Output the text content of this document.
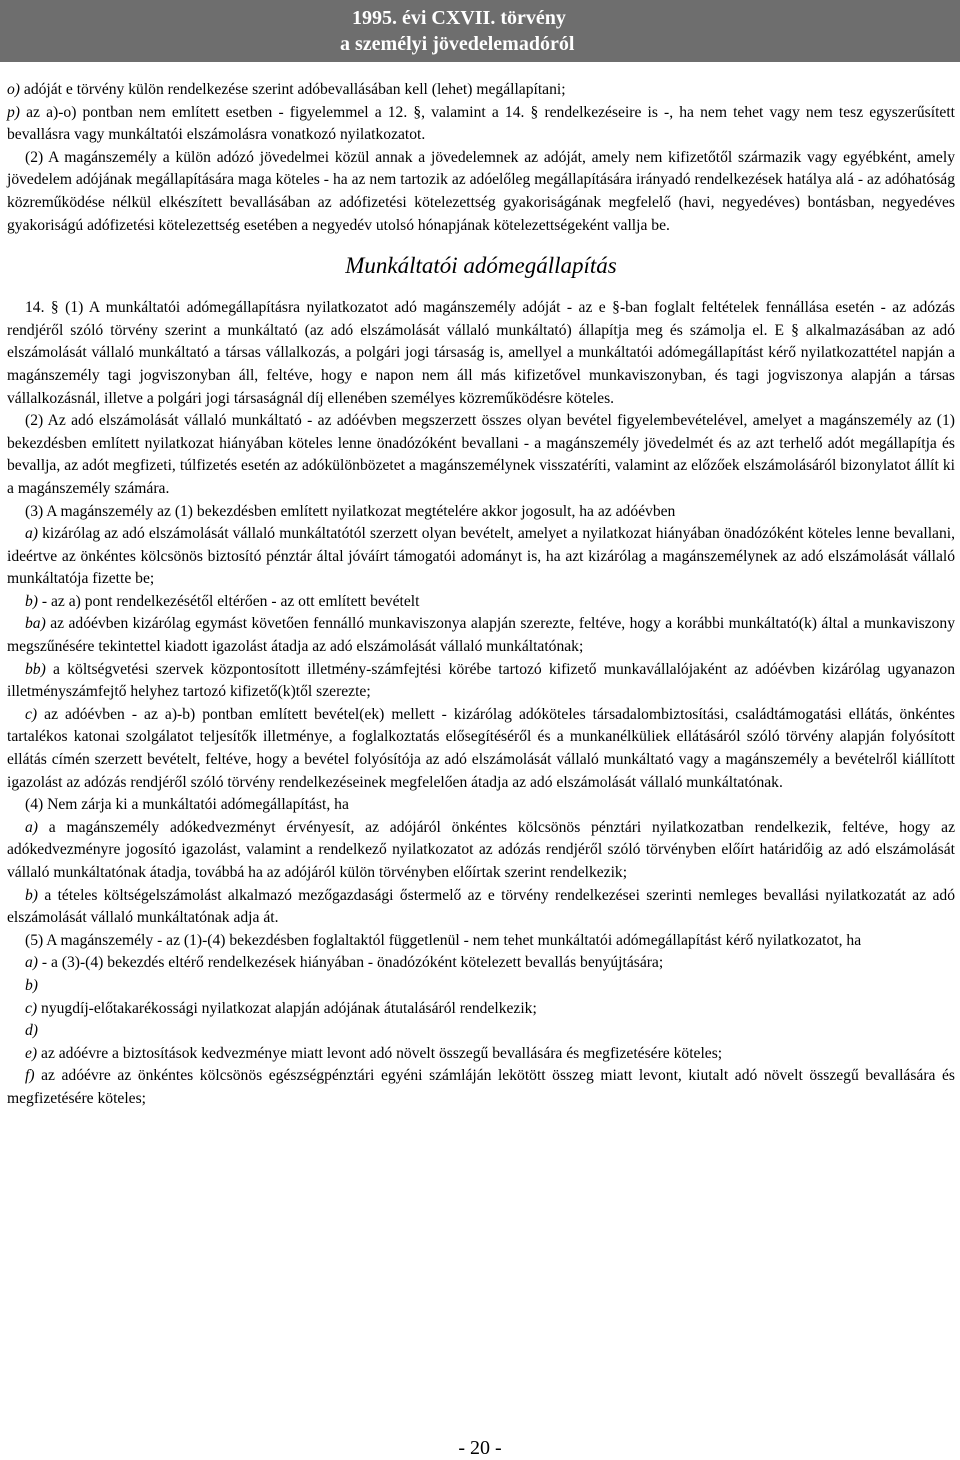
1995. évi CXVII. törvény
a személyi jövedelemadóról

o) adóját e törvény külön rendelkezése szerint adóbevallásában kell (lehet) megállapítani;

p) az a)-o) pontban nem említett esetben - figyelemmel a 12. §, valamint a 14. § rendelkezéseire is -, ha nem tehet vagy nem tesz egyszerűsített bevallásra vagy munkáltatói elszámolásra vonatkozó nyilatkozatot.

(2) A magánszemély a külön adózó jövedelmei közül annak a jövedelemnek az adóját, amely nem kifizetőtől származik vagy egyébként, amely jövedelem adójának megállapítására maga köteles - ha az nem tartozik az adóelőleg megállapítására irányadó rendelkezések hatálya alá - az adóhatóság közreműködése nélkül elkészített bevallásában az adófizetési kötelezettség gyakoriságának megfelelő (havi, negyedéves) bontásban, negyedéves gyakoriságú adófizetési kötelezettség esetében a negyedév utolsó hónapjának kötelezettségeként vallja be.

Munkáltatói adómegállapítás

14. § (1) A munkáltatói adómegállapításra nyilatkozatot adó magánszemély adóját - az e §-ban foglalt feltételek fennállása esetén - az adózás rendjéről szóló törvény szerint a munkáltató (az adó elszámolását vállaló munkáltató) állapítja meg és számolja el. E § alkalmazásában az adó elszámolását vállaló munkáltató a társas vállalkozás, a polgári jogi társaság is, amellyel a munkáltatói adómegállapítást kérő nyilatkozattétel napján a magánszemély tagi jogviszonyban áll, feltéve, hogy e napon nem áll más kifizetővel munkaviszonyban, és tagi jogviszonya alapján a társas vállalkozásnál, illetve a polgári jogi társaságnál díj ellenében személyes közreműködésre köteles.

(2) Az adó elszámolását vállaló munkáltató - az adóévben megszerzett összes olyan bevétel figyelembevételével, amelyet a magánszemély az (1) bekezdésben említett nyilatkozat hiányában köteles lenne önadózóként bevallani - a magánszemély jövedelmét és az azt terhelő adót megállapítja és bevallja, az adót megfizeti, túlfizetés esetén az adókülönbözetet a magánszemélynek visszatéríti, valamint az előzőek elszámolásáról bizonylatot állít ki a magánszemély számára.

(3) A magánszemély az (1) bekezdésben említett nyilatkozat megtételére akkor jogosult, ha az adóévben

a) kizárólag az adó elszámolását vállaló munkáltatótól szerzett olyan bevételt, amelyet a nyilatkozat hiányában önadózóként köteles lenne bevallani, ideértve az önkéntes kölcsönös biztosító pénztár által jóváírt támogatói adományt is, ha azt kizárólag a magánszemélynek az adó elszámolását vállaló munkáltatója fizette be;

b) - az a) pont rendelkezésétől eltérően - az ott említett bevételt

ba) az adóévben kizárólag egymást követően fennálló munkaviszonya alapján szerezte, feltéve, hogy a korábbi munkáltató(k) által a munkaviszony megszűnésére tekintettel kiadott igazolást átadja az adó elszámolását vállaló munkáltatónak;

bb) a költségvetési szervek központosított illetmény-számfejtési körébe tartozó kifizető munkavállalójaként az adóévben kizárólag ugyanazon illetményszámfejtő helyhez tartozó kifizető(k)től szerezte;

c) az adóévben - az a)-b) pontban említett bevétel(ek) mellett - kizárólag adóköteles társadalombiztosítási, családtámogatási ellátás, önkéntes tartalékos katonai szolgálatot teljesítők illetménye, a foglalkoztatás elősegítéséről és a munkanélküliek ellátásáról szóló törvény alapján folyósított ellátás címén szerzett bevételt, feltéve, hogy a bevétel folyósítója az adó elszámolását vállaló munkáltató vagy a magánszemély a bevételről kiállított igazolást az adózás rendjéről szóló törvény rendelkezéseinek megfelelően átadja az adó elszámolását vállaló munkáltatónak.

(4) Nem zárja ki a munkáltatói adómegállapítást, ha

a) a magánszemély adókedvezményt érvényesít, az adójáról önkéntes kölcsönös pénztári nyilatkozatban rendelkezik, feltéve, hogy az adókedvezményre jogosító igazolást, valamint a rendelkező nyilatkozatot az adózás rendjéről szóló törvényben előírt határidőig az adó elszámolását vállaló munkáltatónak átadja, továbbá ha az adójáról külön törvényben előírtak szerint rendelkezik;

b) a tételes költségelszámolást alkalmazó mezőgazdasági őstermelő az e törvény rendelkezései szerinti nemleges bevallási nyilatkozatát az adó elszámolását vállaló munkáltatónak adja át.

(5) A magánszemély - az (1)-(4) bekezdésben foglaltaktól függetlenül - nem tehet munkáltatói adómegállapítást kérő nyilatkozatot, ha

a) - a (3)-(4) bekezdés eltérő rendelkezések hiányában - önadózóként kötelezett bevallás benyújtására;

b)

c) nyugdíj-előtakarékossági nyilatkozat alapján adójának átutalásáról rendelkezik;

d)

e) az adóévre a biztosítások kedvezménye miatt levont adó növelt összegű bevallására és megfizetésére köteles;

f) az adóévre az önkéntes kölcsönös egészségpénztári egyéni számláján lekötött összeg miatt levont, kiutalt adó növelt összegű bevallására és megfizetésére köteles;

- 20 -
